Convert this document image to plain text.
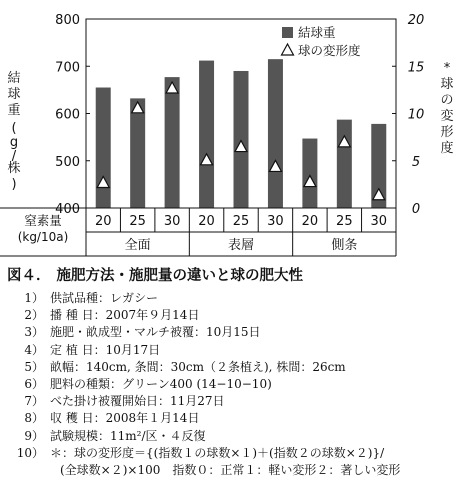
400
500
600
700
800
0
5
10
15
20
20 25 30 20 25 30 20 25 30
全面	表層	側条
結
球
重
(
g
/
株
)
*
球
の
変
形
度
結球重
球の変形度
窒素量
(kg/10a)
図４． 施肥方法・施肥量の違いと球の肥大性
1） 供試品種：レガシー
2） 播 種 日：2007年９月14日
3） 施肥・畝成型・マルチ被覆：10月15日
4） 定 植 日：10月17日
5） 畝幅：140cm, 条間：30cm（２条植え), 株間：26cm
6） 肥料の種類：グリーン400 (14−10−10)
7） べた掛け被覆開始日：11月27日
8） 収 穫 日：2008年１月14日
9） 試験規模：11m²/区・４反復
10） ＊：球の変形度＝{(指数１の球数×１)＋(指数２の球数×２)}/
(全球数×２)×100　指数０：正常１：軽い変形２：著しい変形
